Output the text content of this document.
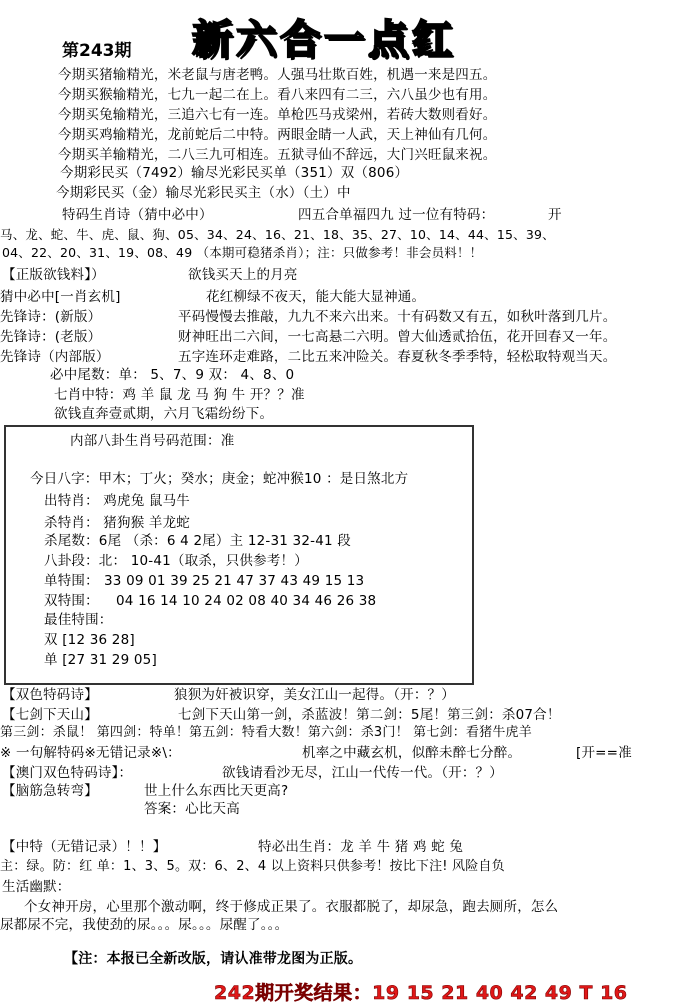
新六合一点红
第243期
今期买猪输精光，米老鼠与唐老鸭。人强马壮欺百姓，机遇一来是四五。
今期买猴输精光，七九一起二在上。看八来四有二三，六八虽少也有用。
今期买兔输精光，三追六七有一连。单枪匹马戎梁州，若砖大数则看好。
今期买鸡输精光，龙前蛇后二中特。两眼金睛一人武，天上神仙有几何。
今期买羊输精光，二八三九可相连。五狱寻仙不辞远，大门兴旺鼠来祝。
今期彩民买（7492）输尽光彩民买单（351）双（806）
今期彩民买（金）输尽光彩民买主（水）（土）中
特码生肖诗（猜中必中）	四五合单福四九 过一位有特码：	开
马、龙、蛇、牛、虎、鼠、狗、05、34、24、16、21、18、35、27、10、14、44、15、39、
04、22、20、31、19、08、49 （本期可稳猪杀肖）；注：只做参考！非会员料！！
【正版欲钱料】）	欲钱买天上的月亮
猜中必中[一肖玄机]	花红柳绿不夜天，能大能大显神通。
先锋诗：(新版）	平码慢慢去推敲，九九不来六出来。十有码数又有五，如秋叶落到几片。
先锋诗：(老版）	财神旺出二六间，一七高悬二六明。曾大仙透贰拾伍，花开回春又一年。
先锋诗（内部版）	五字连环走难路，二比五来冲险关。春夏秋冬季季特，轻松取特观当天。
必中尾数：单： 5、7、9 双： 4、8、0
七肖中特：鸡 羊 鼠 龙 马 狗 牛 开？？准
欲钱直奔壹贰期，六月飞霜纷纷下。
内部八卦生肖号码范围：准
今日八字：甲木；丁火；癸水；庚金；蛇冲猴10 ：是日煞北方
出特肖： 鸡虎兔 鼠马牛
杀特肖： 猪狗猴 羊龙蛇
杀尾数：6尾 （杀：6 4 2尾）主 12-31 32-41 段
八卦段：北： 10-41（取杀，只供参考！）
单特围： 33 09 01 39 25 21 47 37 43 49 15 13
双特围： 04 16 14 10 24 02 08 40 34 46 26 38
最佳特围：
双 [12 36 28]
单 [27 31 29 05]
【双色特码诗】	狼狈为奸被识穿，美女江山一起得。（开：？）
【七剑下天山】	七剑下天山第一剑，杀蓝波！第二剑：5尾！第三剑：杀07合！
第三剑：杀鼠！ 第四剑：特单！第五剑：特看大数！第六剑：杀3门！ 第七剑：看猪牛虎羊
※ 一句解特码※无错记录※\：	机率之中藏玄机，似醉未醉七分醉。	[开==准
【澳门双色特码诗】：	欲钱请看沙无尽，江山一代传一代。（开：？）
【脑筋急转弯】	世上什么东西比天更高?
答案：心比天高
【中特（无错记录）！！】	特必出生肖：龙 羊 牛 猪 鸡 蛇 兔
主：绿。防：红 单：1、3、5。双：6、2、4 以上资料只供参考！按比下注! 风险自负
生活幽默：
个女神开房，心里那个激动啊，终于修成正果了。衣服都脱了，却尿急，跑去厕所，怎么
尿都尿不完，我使劲的尿。。。尿。。。尿醒了。。。
【注：本报已全新改版，请认准带龙图为正版。
242期开奖结果：19 15 21 40 42 49 T 16
